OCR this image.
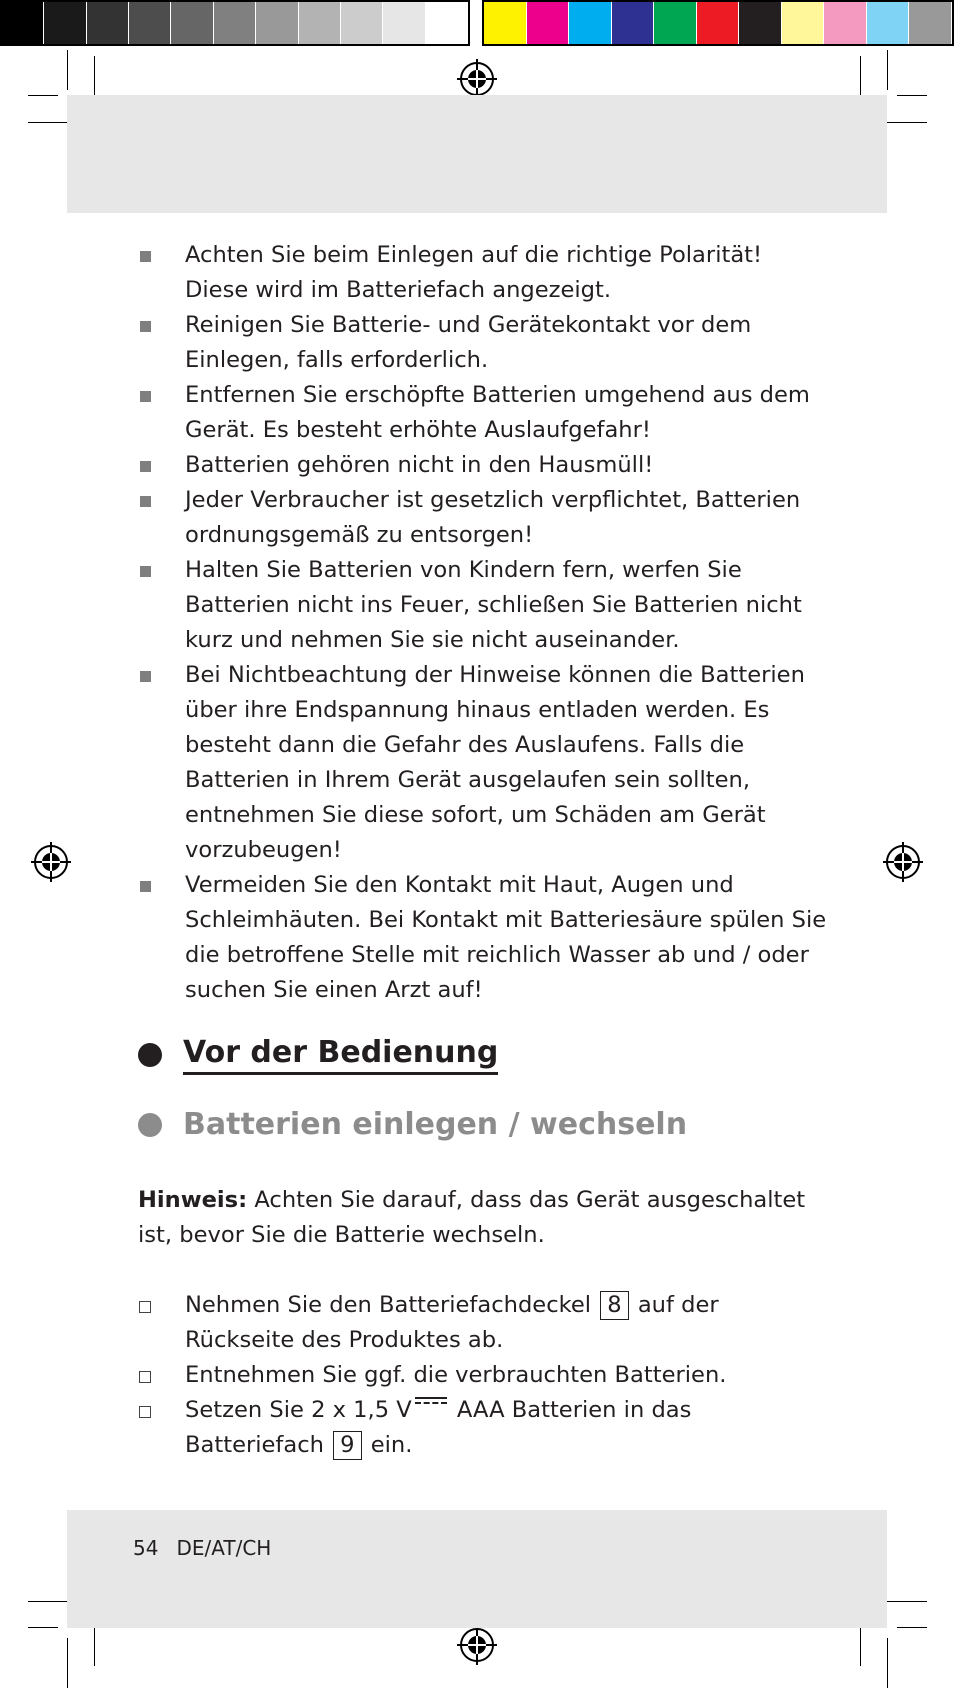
Achten Sie beim Einlegen auf die richtige Polarität! Diese wird im Batteriefach angezeigt.
Reinigen Sie Batterie- und Gerätekontakt vor dem Einlegen, falls erforderlich.
Entfernen Sie erschöpfte Batterien umgehend aus dem Gerät. Es besteht erhöhte Auslaufgefahr!
Batterien gehören nicht in den Hausmüll!
Jeder Verbraucher ist gesetzlich verpflichtet, Batterien ordnungsgemäß zu entsorgen!
Halten Sie Batterien von Kindern fern, werfen Sie Batterien nicht ins Feuer, schließen Sie Batterien nicht kurz und nehmen Sie sie nicht auseinander.
Bei Nichtbeachtung der Hinweise können die Batterien über ihre Endspannung hinaus entladen werden. Es besteht dann die Gefahr des Auslaufens. Falls die Batterien in Ihrem Gerät ausgelaufen sein sollten, entnehmen Sie diese sofort, um Schäden am Gerät vorzubeugen!
Vermeiden Sie den Kontakt mit Haut, Augen und Schleimhäuten. Bei Kontakt mit Batteriesäure spülen Sie die betroffene Stelle mit reichlich Wasser ab und / oder suchen Sie einen Arzt auf!
Vor der Bedienung
Batterien einlegen / wechseln
Hinweis: Achten Sie darauf, dass das Gerät ausgeschaltet ist, bevor Sie die Batterie wechseln.
Nehmen Sie den Batteriefachdeckel 8 auf der Rückseite des Produktes ab.
Entnehmen Sie ggf. die verbrauchten Batterien.
Setzen Sie 2 x 1,5 V
AAA Batterien in das Batteriefach 9 ein.
54 DE/AT/CH
